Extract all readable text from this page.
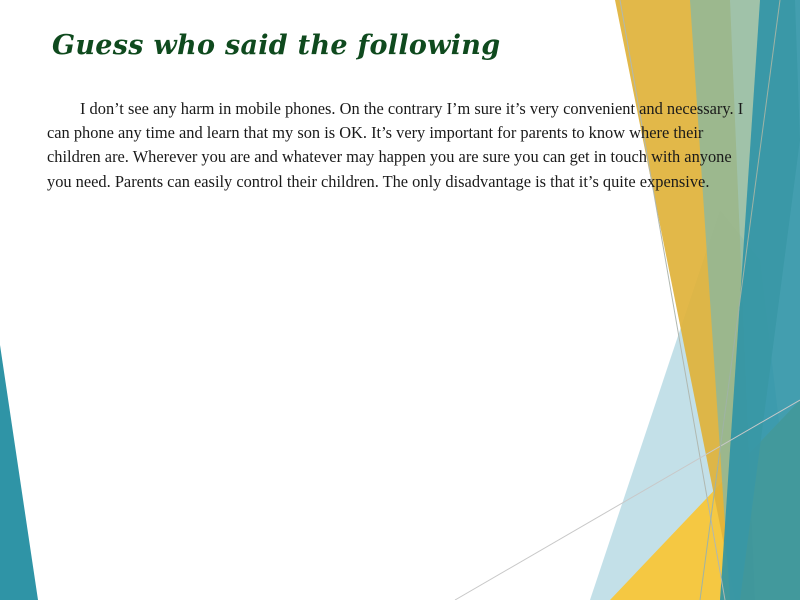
Guess who said the following

I don’t see any harm in mobile phones. On the contrary I’m sure it’s very convenient and necessary. I can phone any time and learn that my son is OK. It’s very important for parents to know where their children are. Wherever you are and whatever may happen you are sure you can get in touch with anyone you need. Parents can easily control their children. The only disadvantage is that it’s quite expensive.
